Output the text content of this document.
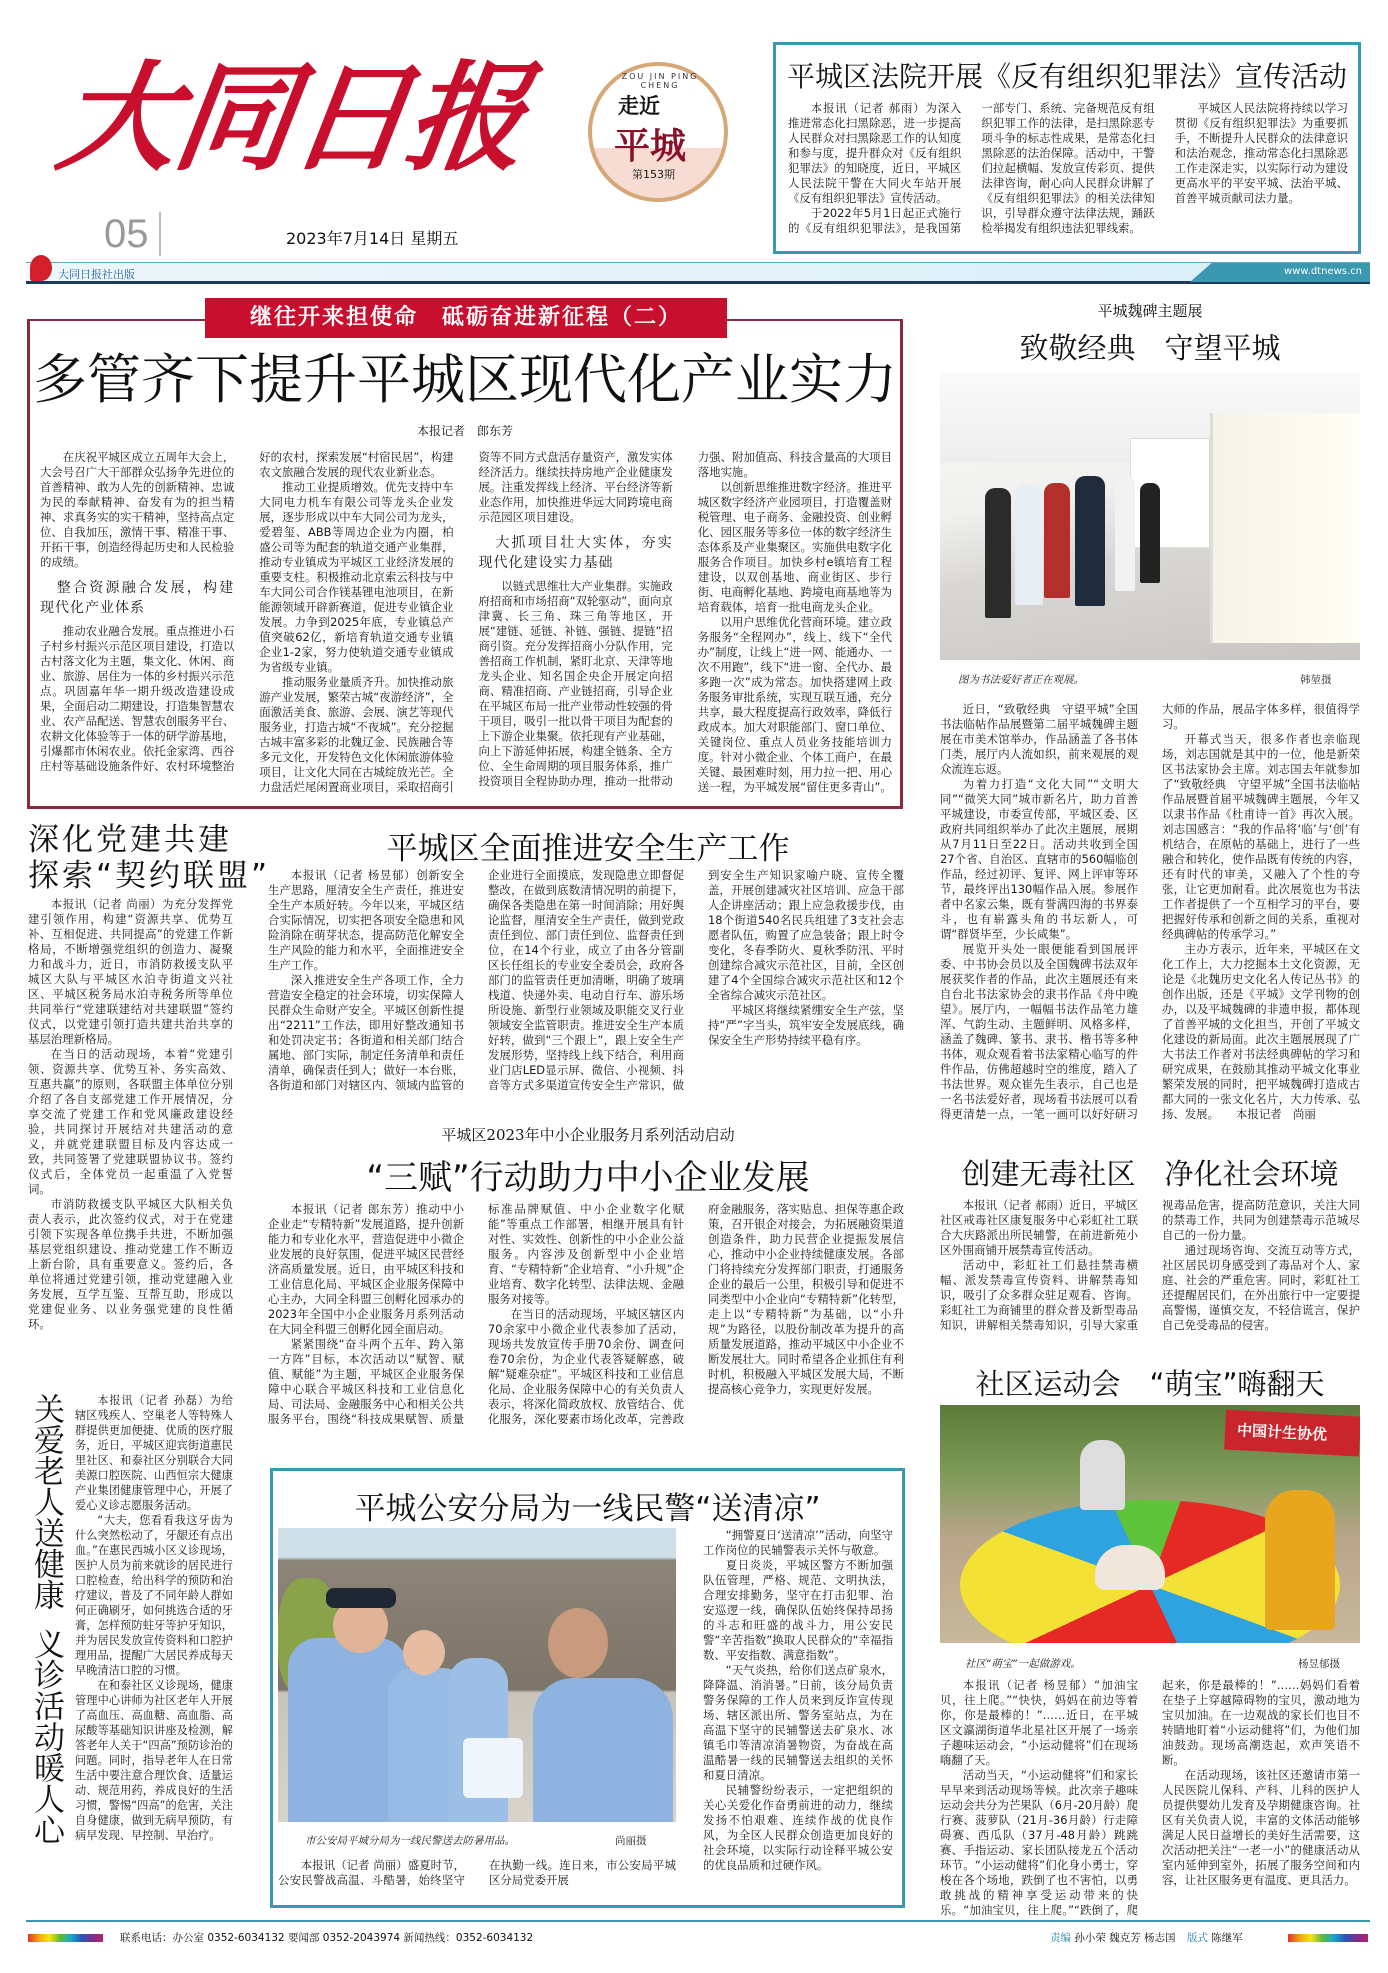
大同日报	ZOU JIN PING CHENG
走近
平城
第153期
05	2023年7月14日 星期五
大同日报社出版	www.dtnews.cn
平城区法院开展《反有组织犯罪法》宣传活动

本报讯（记者 郝雨）为深入推进常态化扫黑除恶，进一步提高人民群众对扫黑除恶工作的认知度和参与度，提升群众对《反有组织犯罪法》的知晓度，近日，平城区人民法院干警在大同火车站开展《反有组织犯罪法》宣传活动。

于2022年5月1日起正式施行的《反有组织犯罪法》，是我国第一部专门、系统、完备规范反有组织犯罪工作的法律，是扫黑除恶专项斗争的标志性成果，是常态化扫黑除恶的法治保障。活动中，干警们拉起横幅、发放宣传彩页、提供法律咨询，耐心向人民群众讲解了《反有组织犯罪法》的相关法律知识，引导群众遵守法律法规，踊跃检举揭发有组织违法犯罪线索。

平城区人民法院将持续以学习贯彻《反有组织犯罪法》为重要抓手，不断提升人民群众的法律意识和法治观念，推动常态化扫黑除恶工作走深走实，以实际行动为建设更高水平的平安平城、法治平城、首善平城贡献司法力量。

继往开来担使命　砥砺奋进新征程（二）
多管齐下提升平城区现代化产业实力
本报记者　郎东芳

在庆祝平城区成立五周年大会上，大会号召广大干部群众弘扬争先进位的首善精神、敢为人先的创新精神、忠诚为民的奉献精神、奋发有为的担当精神、求真务实的实干精神，坚持高点定位、自我加压，激情干事、精准干事、开拓干事，创造经得起历史和人民检验的成绩。

整合资源融合发展，构建现代化产业体系

推动农业融合发展。重点推进小石子村乡村振兴示范区项目建设，打造以古村落文化为主题，集文化、休闲、商业、旅游、居住为一体的乡村振兴示范点。巩固嘉年华一期升级改造建设成果，全面启动二期建设，打造集智慧农业、农产品配送、智慧农创服务平台、农耕文化体验等于一体的研学游基地，引爆都市休闲农业。依托金家湾、西谷庄村等基础设施条件好、农村环境整治好的农村，探索发展“村宿民居”，构建农文旅融合发展的现代农业新业态。

推动工业提质增效。优先支持中车大同电力机车有限公司等龙头企业发展，逐步形成以中车大同公司为龙头，爱碧玺、ABB等周边企业为内圈，柏盛公司等为配套的轨道交通产业集群，推动专业镇成为平城区工业经济发展的重要支柱。积极推动北京索云科技与中车大同公司合作镁基锂电池项目，在新能源领域开辟新赛道，促进专业镇企业发展。力争到2025年底，专业镇总产值突破62亿，新培育轨道交通专业镇企业1-2家，努力使轨道交通专业镇成为省级专业镇。

推动服务业量质齐升。加快推动旅游产业发展，繁荣古城“夜游经济”，全面激活美食、旅游、会展、演艺等现代服务业，打造古城“不夜城”。充分挖掘古城丰富多彩的北魏辽金、民族融合等多元文化，开发特色文化休闲旅游体验项目，让文化大同在古城绽放光芒。全力盘活烂尾闲置商业项目，采取招商引资等不同方式盘活存量资产，激发实体经济活力。继续扶持房地产企业健康发展。注重发挥线上经济、平台经济等新业态作用，加快推进华远大同跨境电商示范园区项目建设。

大抓项目壮大实体，夯实现代化建设实力基础

以链式思维壮大产业集群。实施政府招商和市场招商“双轮驱动”，面向京津冀、长三角、珠三角等地区，开展“建链、延链、补链、强链、提链”招商引资。充分发挥招商小分队作用，完善招商工作机制，紧盯北京、天津等地龙头企业、知名国企央企开展定向招商、精准招商、产业链招商，引导企业在平城区布局一批产业带动性较强的骨干项目，吸引一批以骨干项目为配套的上下游企业集聚。依托现有产业基础，向上下游延伸拓展，构建全链条、全方位、全生命周期的项目服务体系，推广投资项目全程协助办理，推动一批带动力强、附加值高、科技含量高的大项目落地实施。

以创新思维推进数字经济。推进平城区数字经济产业园项目，打造覆盖财税管理、电子商务、金融投资、创业孵化、园区服务等多位一体的数字经济生态体系及产业集聚区。实施供电数字化服务合作项目。加快乡村e镇培育工程建设，以双创基地、商业街区、步行街、电商孵化基地、跨境电商基地等为培育载体，培育一批电商龙头企业。

以用户思维优化营商环境。建立政务服务“全程网办”，线上、线下“全代办”制度，让线上“进一网、能通办、一次不用跑”，线下“进一窗、全代办、最多跑一次”成为常态。加快搭建网上政务服务审批系统，实现互联互通，充分共享，最大程度提高行政效率，降低行政成本。加大对职能部门、窗口单位、关键岗位、重点人员业务技能培训力度。针对小微企业、个体工商户，在最关键、最困难时刻，用力拉一把、用心送一程，为平城发展“留住更多青山”。

平城魏碑主题展
致敬经典　守望平城
图为书法爱好者正在观展。	韩堃摄

近日，“致敬经典　守望平城”全国书法临帖作品展暨第二届平城魏碑主题展在市美术馆举办，作品涵盖了各书体门类，展厅内人流如织，前来观展的观众流连忘返。

为着力打造“文化大同”“文明大同”“微笑大同”城市新名片，助力首善平城建设，市委宣传部，平城区委、区政府共同组织举办了此次主题展，展期从7月11日至22日。活动共收到全国27个省、自治区、直辖市的560幅临创作品，经过初评、复评、网上评审等环节，最终评出130幅作品入展。参展作者中名家云集，既有誉满四海的书界泰斗，也有崭露头角的书坛新人，可谓“群贤毕至，少长咸集”。

展览开头处一眼便能看到国展评委、中书协会员以及全国魏碑书法双年展获奖作者的作品，此次主题展还有来自台北书法家协会的隶书作品《舟中晚望》。展厅内，一幅幅书法作品笔力雄浑、气韵生动、主题鲜明、风格多样，涵盖了魏碑、篆书、隶书、楷书等多种书体，观众观看着书法家精心临写的件件作品，仿佛超越时空的维度，踏入了书法世界。观众崔先生表示，自己也是一名书法爱好者，现场看书法展可以看得更清楚一点，一笔一画可以好好研习大师的作品，展品字体多样，很值得学习。

开幕式当天，很多作者也亲临现场，刘志国就是其中的一位，他是新荣区书法家协会主席。刘志国去年就参加了“致敬经典　守望平城”全国书法临帖作品展暨首届平城魏碑主题展，今年又以隶书作品《杜甫诗一首》再次入展。刘志国感言：“我的作品将‘临’与‘创’有机结合，在原帖的基础上，进行了一些融合和转化，使作品既有传统的内容，还有时代的审美，又融入了个性的夸张，让它更加耐看。此次展览也为书法工作者提供了一个互相学习的平台，要把握好传承和创新之间的关系，重视对经典碑帖的传承学习。”

主办方表示，近年来，平城区在文化工作上，大力挖掘本土文化资源，无论是《北魏历史文化名人传记丛书》的创作出版，还是《平城》文学刊物的创办，以及平城魏碑的非遗申报，都体现了首善平城的文化担当，开创了平城文化建设的新局面。此次主题展展现了广大书法工作者对书法经典碑帖的学习和研究成果，在鼓励其推动平城文化事业繁荣发展的同时，把平城魏碑打造成古都大同的一张文化名片，大力传承、弘扬、发展。　　本报记者　尚丽

深化党建共建
探索“契约联盟”

本报讯（记者 尚丽）为充分发挥党建引领作用，构建“资源共享、优势互补、互相促进、共同提高”的党建工作新格局，不断增强党组织的创造力、凝聚力和战斗力，近日，市消防救援支队平城区大队与平城区水泊寺街道文兴社区、平城区税务局水泊寺税务所等单位共同举行“党建联建结对共建联盟”签约仪式，以党建引领打造共建共治共享的基层治理新格局。

在当日的活动现场，本着“党建引领、资源共享、优势互补、务实高效、互惠共赢”的原则，各联盟主体单位分别介绍了各自支部党建工作开展情况，分享交流了党建工作和党风廉政建设经验，共同探讨开展结对共建活动的意义，并就党建联盟目标及内容达成一致，共同签署了党建联盟协议书。签约仪式后，全体党员一起重温了入党誓词。

市消防救援支队平城区大队相关负责人表示，此次签约仪式，对于在党建引领下实现各单位携手共进，不断加强基层党组织建设、推动党建工作不断迈上新台阶，具有重要意义。签约后，各单位将通过党建引领，推动党建融入业务发展，互学互鉴、互帮互助，形成以党建促业务、以业务强党建的良性循环。

平城区全面推进安全生产工作

本报讯（记者 杨昱郁）创新安全生产思路，厘清安全生产责任，推进安全生产本质好转。今年以来，平城区结合实际情况，切实把各项安全隐患和风险消除在萌芽状态，提高防范化解安全生产风险的能力和水平，全面推进安全生产工作。

深入推进安全生产各项工作，全力营造安全稳定的社会环境，切实保障人民群众生命财产安全。平城区创新性提出“2211”工作法，即用好整改通知书和处罚决定书；各街道和相关部门结合属地、部门实际，制定任务清单和责任清单，确保责任到人；做好一本台账，各街道和部门对辖区内、领域内监管的企业进行全面摸底，发现隐患立即督促整改，在做到底数清情况明的前提下，确保各类隐患在第一时间消除；用好舆论监督，厘清安全生产责任，做到党政责任到位、部门责任到位、监督责任到位，在14个行业，成立了由各分管副区长任组长的专业安全委员会，政府各部门的监管责任更加清晰，明确了玻璃栈道、快递外卖、电动自行车、游乐场所设施、新型行业领域及职能交叉行业领域安全监管职责。推进安全生产本质好转，做到“三个跟上”，跟上安全生产发展形势，坚持线上线下结合，利用商业门店LED显示屏、微信、小视频、抖音等方式多渠道宣传安全生产常识，做到安全生产知识家喻户晓、宣传全覆盖，开展创建减灾社区培训、应急干部人企讲座活动；跟上应急救援步伐，由18个街道540名民兵组建了3支社会志愿者队伍，购置了应急装备；跟上时令变化，冬春季防火、夏秋季防汛、平时创建综合减灾示范社区，目前，全区创建了4个全国综合减灾示范社区和12个全省综合减灾示范社区。

平城区将继续紧绷安全生产弦，坚持“严”字当头，筑牢安全发展底线，确保安全生产形势持续平稳有序。

平城区2023年中小企业服务月系列活动启动
“三赋”行动助力中小企业发展

本报讯（记者 郎东芳）推动中小企业走“专精特新”发展道路，提升创新能力和专业化水平，营造促进中小微企业发展的良好氛围，促进平城区民营经济高质量发展。近日，由平城区科技和工业信息化局、平城区企业服务保障中心主办，大同全科盟三创孵化园承办的2023年全国中小企业服务月系列活动在大同全科盟三创孵化园全面启动。

紧紧围绕“奋斗两个五年、跨入第一方阵”目标，本次活动以“赋智、赋值、赋能”为主题，平城区企业服务保障中心联合平城区科技和工业信息化局、司法局、金融服务中心和相关公共服务平台，围绕“科技成果赋智、质量标准品牌赋值、中小企业数字化赋能”等重点工作部署，相继开展具有针对性、实效性、创新性的中小企业公益服务。内容涉及创新型中小企业培育、“专精特新”企业培育、“小升规”企业培育、数字化转型、法律法规、金融服务对接等。

在当日的活动现场，平城区辖区内70余家中小微企业代表参加了活动，现场共发放宣传手册70余份、调查问卷70余份，为企业代表答疑解惑，破解“疑难杂症”。平城区科技和工业信息化局、企业服务保障中心的有关负责人表示，将深化简政放权、放管结合、优化服务，深化要素市场化改革，完善政府金融服务，落实贴息、担保等惠企政策，召开银企对接会，为拓展融资渠道创造条件，助力民营企业提振发展信心，推动中小企业持续健康发展。各部门将持续充分发挥部门职责，打通服务企业的最后一公里，积极引导和促进不同类型中小企业向“专精特新”化转型，走上以“专精特新”为基础，以“小升规”为路径，以股份制改革为提升的高质量发展道路，推动平城区中小企业不断发展壮大。同时希望各企业抓住有利时机，积极融入平城区发展大局，不断提高核心竞争力，实现更好发展。

关爱老人送健康
义诊活动暖人心

本报讯（记者 孙磊）为给辖区残疾人、空巢老人等特殊人群提供更加便捷、优质的医疗服务，近日，平城区迎宾街道惠民里社区、和泰社区分别联合大同美源口腔医院、山西恒宗大健康产业集团健康管理中心，开展了爱心义诊志愿服务活动。

“大夫，您看看我这牙齿为什么突然松动了，牙龈还有点出血。”在惠民西城小区义诊现场，医护人员为前来就诊的居民进行口腔检查，给出科学的预防和治疗建议，普及了不同年龄人群如何正确刷牙，如何挑选合适的牙膏，怎样预防蛀牙等护牙知识，并为居民发放宣传资料和口腔护理用品，提醒广大居民养成每天早晚清洁口腔的习惯。

在和泰社区义诊现场，健康管理中心讲师为社区老年人开展了高血压、高血糖、高血脂、高尿酸等基础知识讲座及检测，解答老年人关于“四高”预防诊治的问题。同时，指导老年人在日常生活中要注意合理饮食、适量运动、规范用药，养成良好的生活习惯，警惕“四高”的危害，关注自身健康，做到无病早预防，有病早发现、早控制、早治疗。

平城公安分局为一线民警“送清凉”
市公安局平城分局为一线民警送去防暑用品。	尚丽摄

本报讯（记者 尚丽）盛夏时节，公安民警战高温、斗酷暑，始终坚守在执勤一线。连日来，市公安局平城区分局党委开展

“拥警夏日‘送清凉’”活动，向坚守工作岗位的民辅警表示关怀与敬意。

夏日炎炎，平城区警方不断加强队伍管理，严格、规范、文明执法，合理安排勤务，坚守在打击犯罪、治安巡逻一线，确保队伍始终保持昂扬的斗志和旺盛的战斗力，用公安民警“辛苦指数”换取人民群众的“幸福指数、平安指数、满意指数”。

“天气炎热，给你们送点矿泉水，降降温、消消暑。”日前，该分局负责警务保障的工作人员来到反诈宣传现场、辖区派出所、警务室站点，为在高温下坚守的民辅警送去矿泉水、冰镇毛巾等清凉消暑物资，为奋战在高温酷暑一线的民辅警送去组织的关怀和夏日清凉。

民辅警纷纷表示，一定把组织的关心关爱化作奋勇前进的动力，继续发扬不怕艰难、连续作战的优良作风，为全区人民群众创造更加良好的社会环境，以实际行动诠释平城公安的优良品质和过硬作风。

创建无毒社区　净化社会环境

本报讯（记者 郝雨）近日，平城区社区戒毒社区康复服务中心彩虹社工联合大庆路派出所民辅警，在前进新苑小区外围商铺开展禁毒宣传活动。

活动中，彩虹社工们悬挂禁毒横幅、派发禁毒宣传资料、讲解禁毒知识，吸引了众多群众驻足观看、咨询。彩虹社工为商铺里的群众普及新型毒品知识，讲解相关禁毒知识，引导大家重视毒品危害，提高防范意识，关注大同的禁毒工作，共同为创建禁毒示范城尽自己的一份力量。

通过现场咨询、交流互动等方式，社区居民切身感受到了毒品对个人、家庭、社会的严重危害。同时，彩虹社工还提醒居民们，在外出旅行中一定要提高警惕，谨慎交友，不轻信谎言，保护自己免受毒品的侵害。

社区运动会　“萌宝”嗨翻天
中国计生协优
社区“萌宝”一起做游戏。	杨昱郁摄

本报讯（记者 杨昱郁）“加油宝贝，往上爬。”“快快，妈妈在前边等着你，你是最棒的！”……近日，在平城区文瀛湖街道华北星社区开展了一场亲子趣味运动会，“小运动健将”们在现场嗨翻了天。

活动当天，“小运动健将”们和家长早早来到活动现场等候。此次亲子趣味运动会共分为芒果队（6月-20月龄）爬行赛、菠萝队（21月-36月龄）行走障碍赛、西瓜队（37月-48月龄）跳跳赛、手指运动、家长团队接龙五个活动环节。“小运动健将”们化身小勇士，穿梭在各个场地，跌倒了也不害怕，以勇敢挑战的精神享受运动带来的快乐。“加油宝贝，往上爬。”“跌倒了，爬起来，你是最棒的！”……妈妈们看着在垫子上穿越障碍物的宝贝，激动地为宝贝加油。在一边观战的家长们也目不转睛地盯着“小运动健将”们，为他们加油鼓劲。现场高潮迭起，欢声笑语不断。

在活动现场，该社区还邀请市第一人民医院儿保科、产科、儿科的医护人员提供婴幼儿发育及孕期健康咨询。社区有关负责人说，丰富的文体活动能够满足人民日益增长的美好生活需要，这次活动把关注“一老一小”的健康活动从室内延伸到室外，拓展了服务空间和内容，让社区服务更有温度、更具活力。

联系电话：办公室 0352-6034132 要闻部 0352-2043974 新闻热线：0352-6034132	责编 孙小荣 魏克芳 杨志国 版式 陈继军
